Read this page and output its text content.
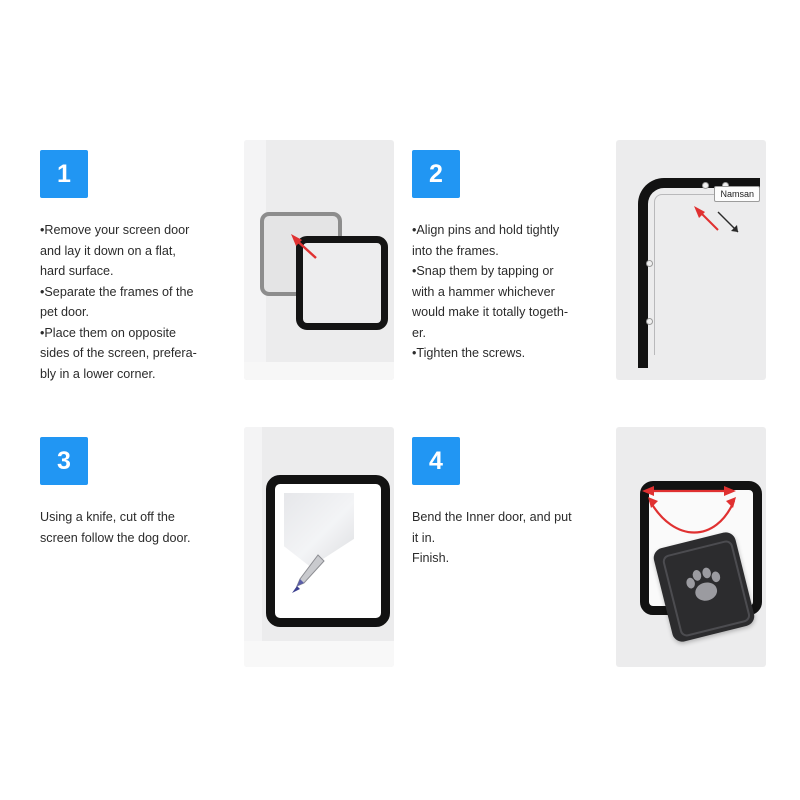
1
•Remove your screen door
and lay it down on a flat,
hard surface.
•Separate the frames of the
pet door.
•Place them on opposite
sides of the screen, prefera-
bly in a lower corner.
2
•Align pins and hold tightly
into the frames.
•Snap them by tapping or
with a hammer whichever
would make it totally togeth-
er.
•Tighten the screws.
Namsan
3
Using a knife, cut off the
screen follow the dog door.
4
Bend the Inner door, and put
it in.
Finish.
